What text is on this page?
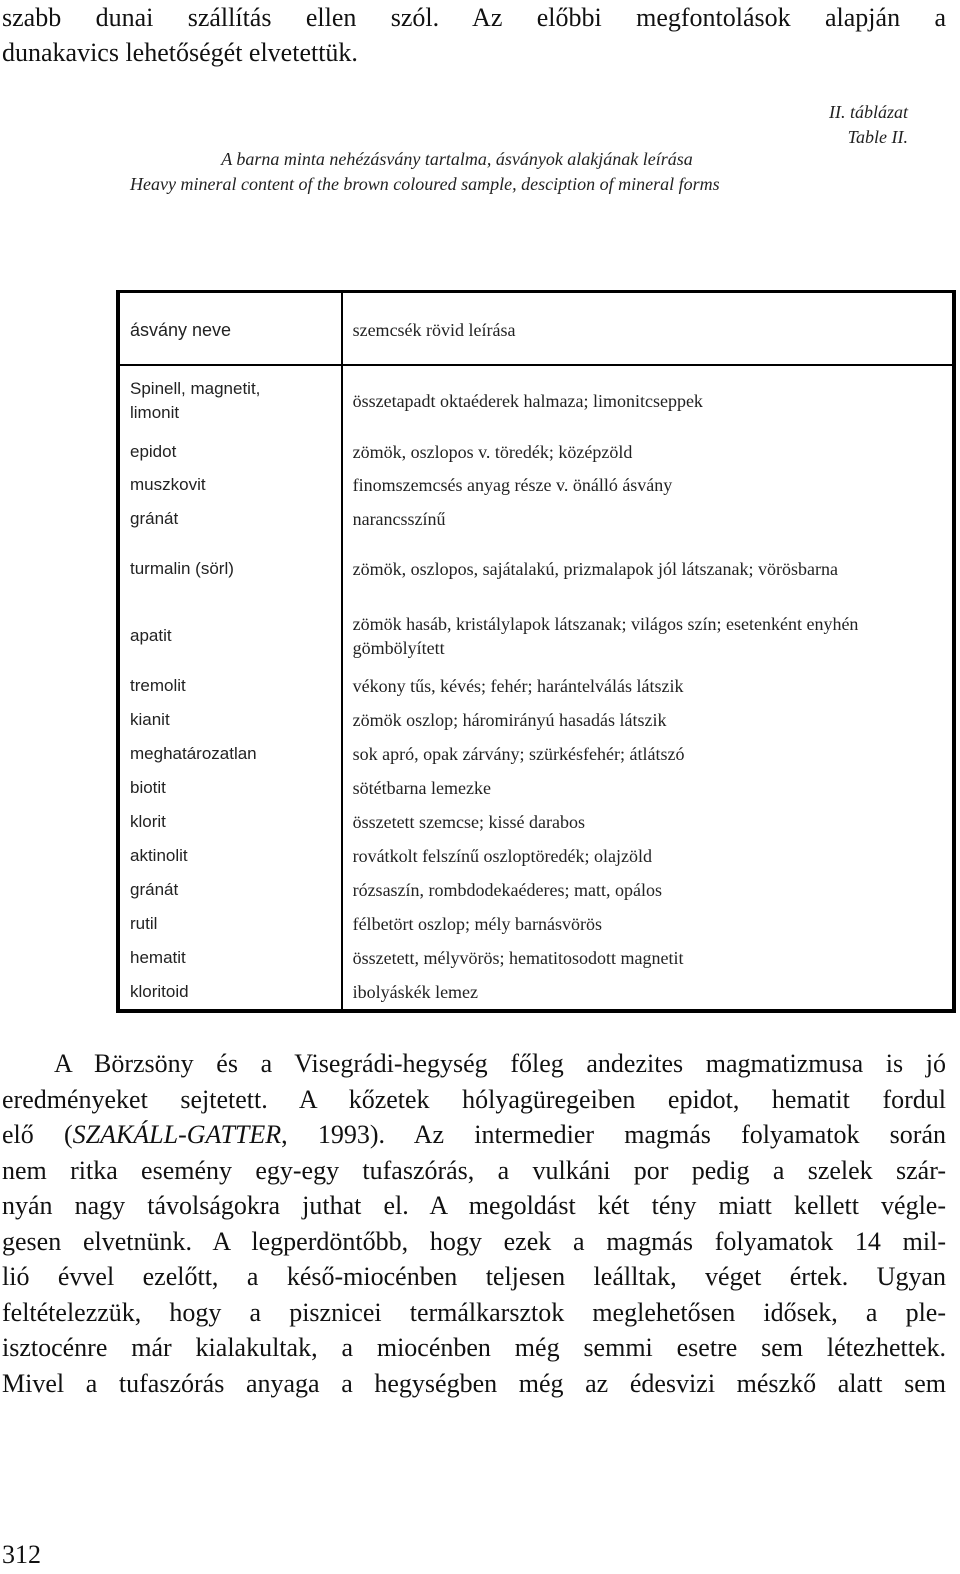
szabb dunai szállítás ellen szól. Az előbbi megfontolások alapján a
dunakavics lehetőségét elvetettük.
II. táblázat
Table II.
A barna minta nehézásvány tartalma, ásványok alakjának leírása
Heavy mineral content of the brown coloured sample, desciption of mineral forms
ásvány neve	szemcsék rövid leírása

Spinell, magnetit,
limonit	összetapadt oktaéderek halmaza; limonitcseppek
epidot	zömök, oszlopos v. töredék; középzöld
muszkovit	finomszemcsés anyag része v. önálló ásvány
gránát	narancsszínű
turmalin (sörl)	zömök, oszlopos, sajátalakú, prizmalapok jól látszanak; vörösbarna
apatit	zömök hasáb, kristálylapok látszanak; világos szín; esetenként enyhén
gömbölyített

tremolit	vékony tűs, kévés; fehér; harántelválás látszik
kianit	zömök oszlop; háromirányú hasadás látszik
meghatározatlan	sok apró, opak zárvány; szürkésfehér; átlátszó
biotit	sötétbarna lemezke
klorit	összetett szemcse; kissé darabos
aktinolit	rovátkolt felszínű oszloptöredék; olajzöld
gránát	rózsaszín, rombdodekaéderes; matt, opálos
rutil	félbetört oszlop; mély barnásvörös
hematit	összetett, mélyvörös; hematitosodott magnetit
kloritoid	ibolyáskék lemez
A Börzsöny és a Visegrádi-hegység főleg andezites magmatizmusa is jó
eredményeket sejtetett. A kőzetek hólyagüregeiben epidot, hematit fordul
elő (SZAKÁLL-GATTER, 1993). Az intermedier magmás folyamatok során
nem ritka esemény egy-egy tufaszórás, a vulkáni por pedig a szelek szár-
nyán nagy távolságokra juthat el. A megoldást két tény miatt kellett végle-
gesen elvetnünk. A legperdöntőbb, hogy ezek a magmás folyamatok 14 mil-
lió évvel ezelőtt, a késő-miocénben teljesen leálltak, véget értek. Ugyan
feltételezzük, hogy a pisznicei termálkarsztok meglehetősen idősek, a ple-
isztocénre már kialakultak, a miocénben még semmi esetre sem létezhettek.
Mivel a tufaszórás anyaga a hegységben még az édesvizi mészkő alatt sem
312
